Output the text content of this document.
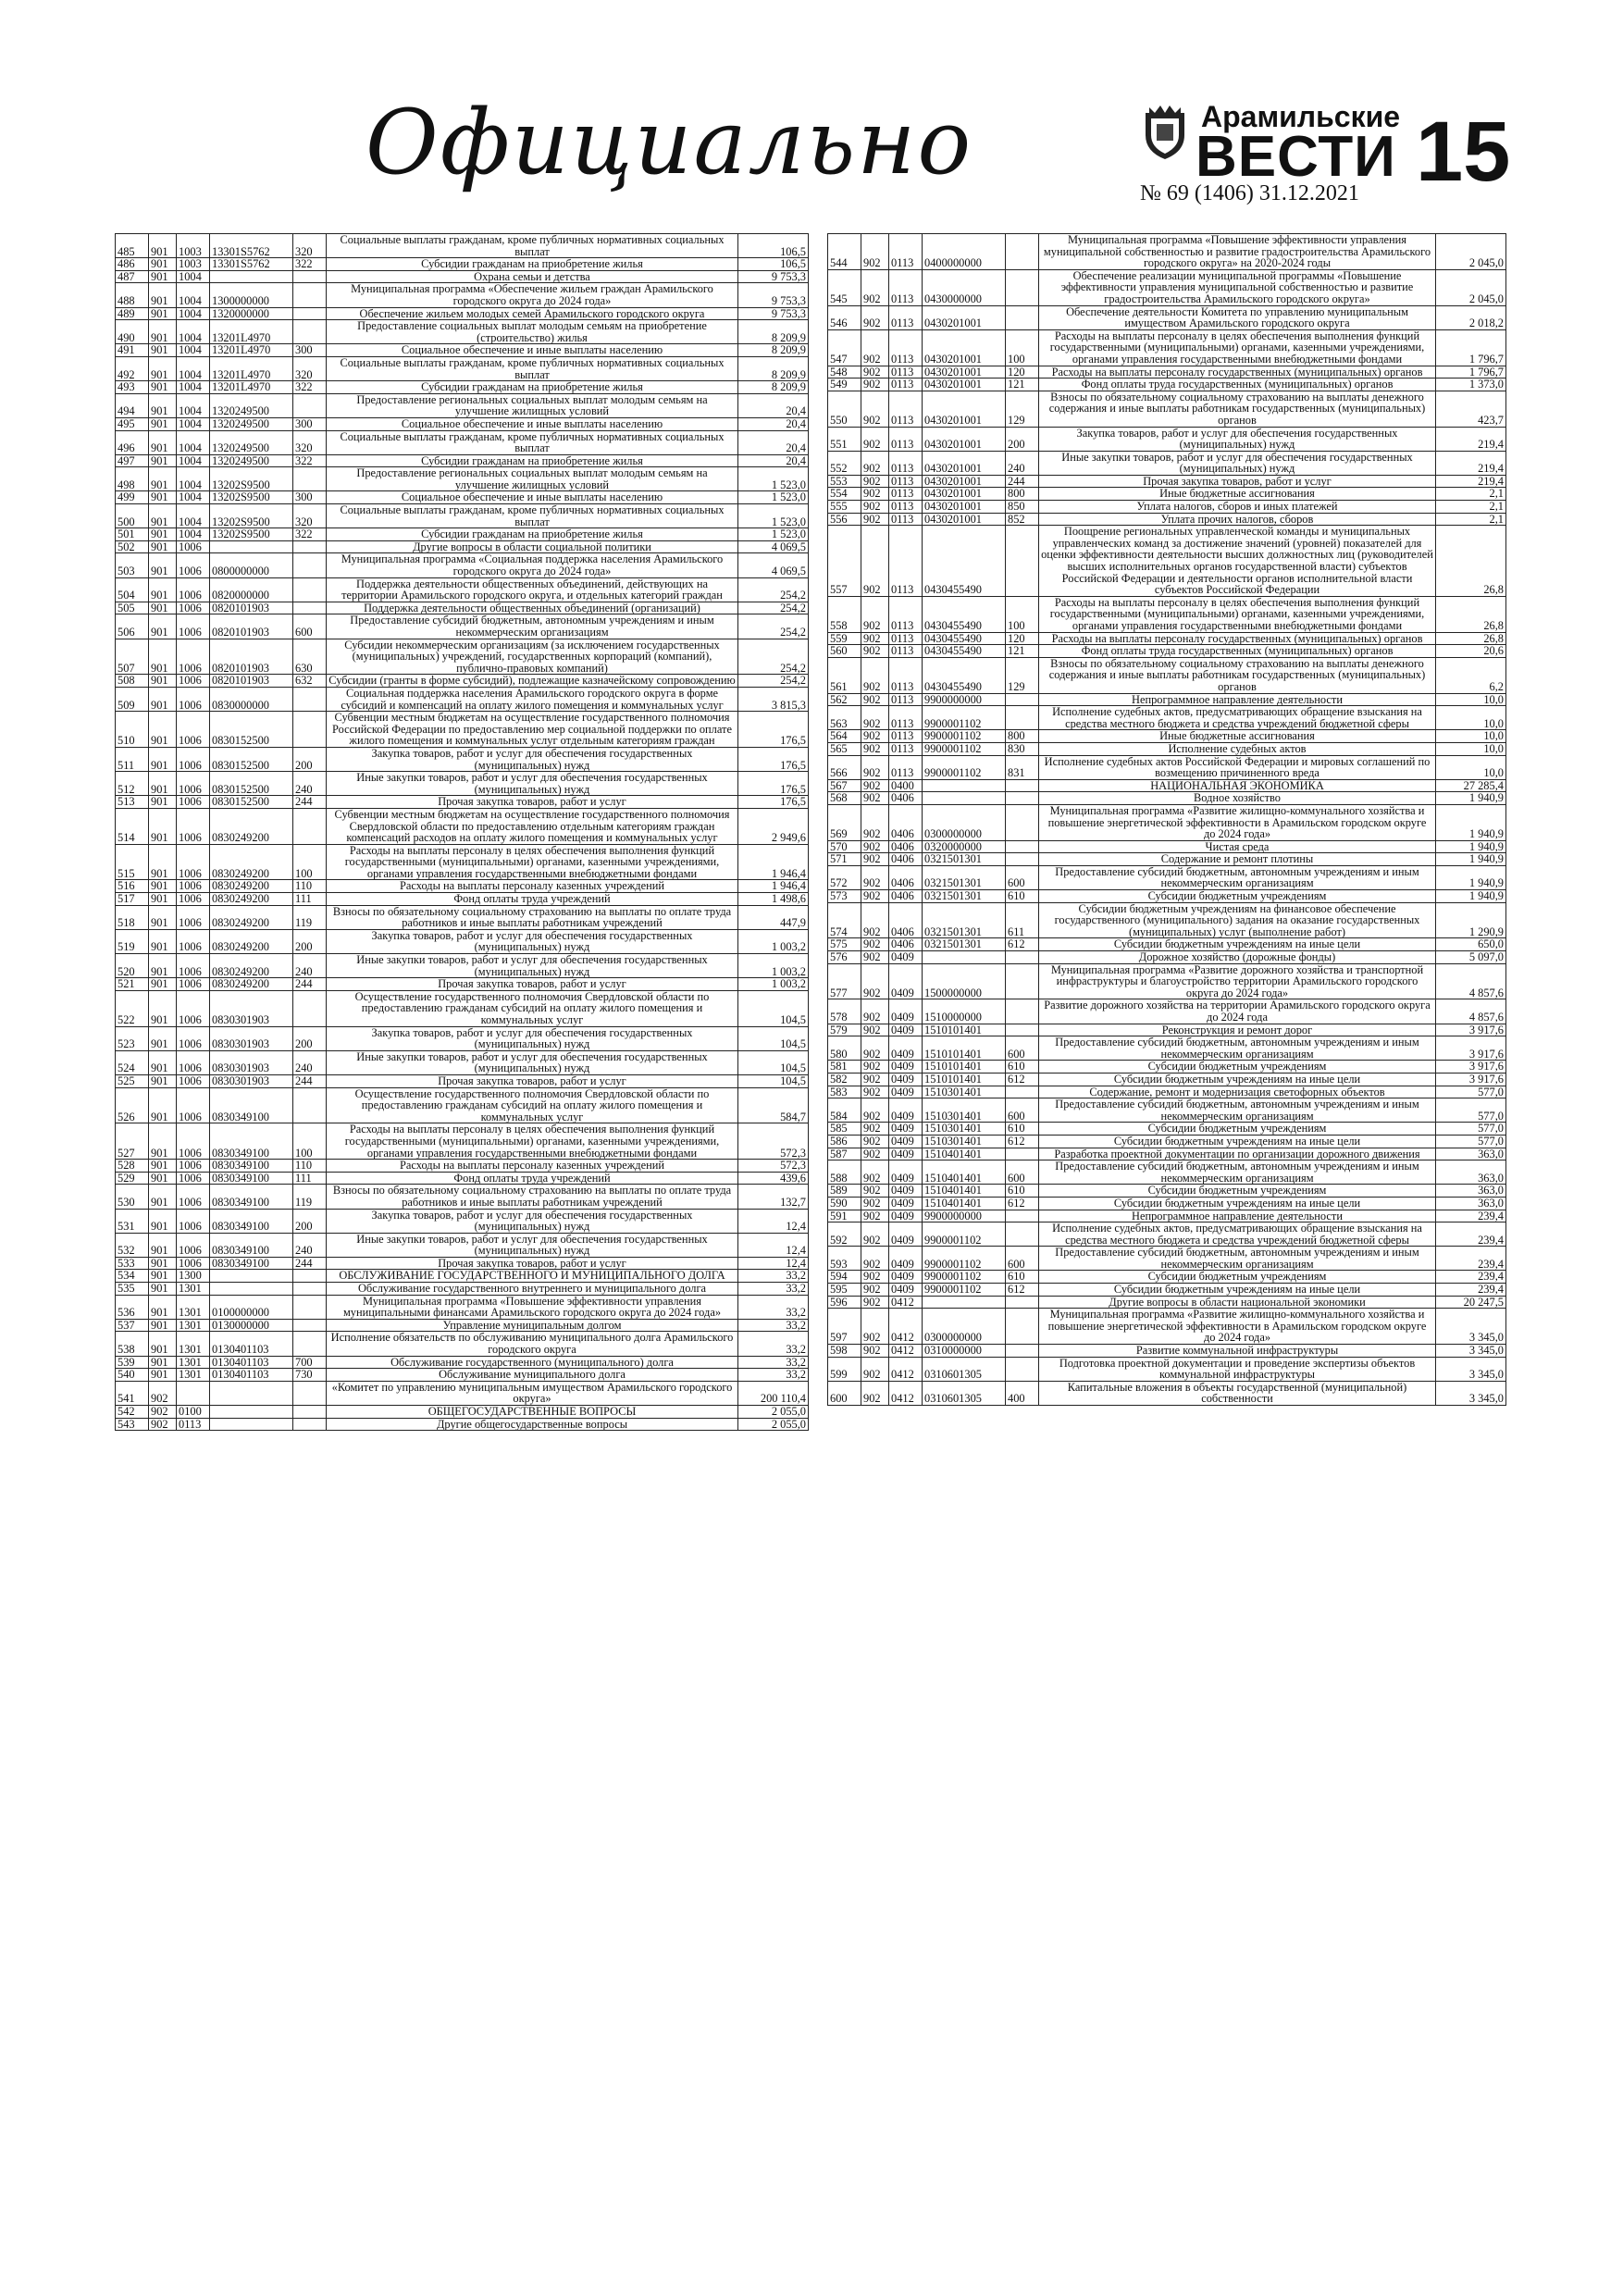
Официально	Арамильские
ВЕСТИ
№ 69 (1406) 31.12.2021 15
485	901	1003	13301S5762	320	Социальные выплаты гражданам, кроме публичных нормативных социальных выплат	106,5
486	901	1003	13301S5762	322	Субсидии гражданам на приобретение жилья	106,5
487	901	1004			Охрана семьи и детства	9 753,3
488	901	1004	1300000000		Муниципальная программа «Обеспечение жильем граждан Арамильского городского округа до 2024 года»	9 753,3
489	901	1004	1320000000		Обеспечение жильем молодых семей Арамильского городского округа	9 753,3
490	901	1004	13201L4970		Предоставление социальных выплат молодым семьям на приобретение (строительство) жилья	8 209,9
491	901	1004	13201L4970	300	Социальное обеспечение и иные выплаты населению	8 209,9
492	901	1004	13201L4970	320	Социальные выплаты гражданам, кроме публичных нормативных социальных выплат	8 209,9
493	901	1004	13201L4970	322	Субсидии гражданам на приобретение жилья	8 209,9
494	901	1004	1320249500		Предоставление региональных социальных выплат молодым семьям на улучшение жилищных условий	20,4
495	901	1004	1320249500	300	Социальное обеспечение и иные выплаты населению	20,4
496	901	1004	1320249500	320	Социальные выплаты гражданам, кроме публичных нормативных социальных выплат	20,4
497	901	1004	1320249500	322	Субсидии гражданам на приобретение жилья	20,4
498	901	1004	13202S9500		Предоставление региональных социальных выплат молодым семьям на улучшение жилищных условий	1 523,0
499	901	1004	13202S9500	300	Социальное обеспечение и иные выплаты населению	1 523,0
500	901	1004	13202S9500	320	Социальные выплаты гражданам, кроме публичных нормативных социальных выплат	1 523,0
501	901	1004	13202S9500	322	Субсидии гражданам на приобретение жилья	1 523,0
502	901	1006			Другие вопросы в области социальной политики	4 069,5
503	901	1006	0800000000		Муниципальная программа «Социальная поддержка населения Арамильского городского округа до 2024 года»	4 069,5
504	901	1006	0820000000		Поддержка деятельности общественных объединений, действующих на территории Арамильского городского округа, и отдельных категорий граждан	254,2
505	901	1006	0820101903		Поддержка деятельности общественных объединений (организаций)	254,2
506	901	1006	0820101903	600	Предоставление субсидий бюджетным, автономным учреждениям и иным некоммерческим организациям	254,2
507	901	1006	0820101903	630	Субсидии некоммерческим организациям (за исключением государственных (муниципальных) учреждений, государственных корпораций (компаний), публично-правовых компаний)	254,2
508	901	1006	0820101903	632	Субсидии (гранты в форме субсидий), подлежащие казначейскому сопровождению	254,2
509	901	1006	0830000000		Социальная поддержка населения Арамильского городского округа в форме субсидий и компенсаций на оплату жилого помещения и коммунальных услуг	3 815,3
510	901	1006	0830152500		Субвенции местным бюджетам на осуществление государственного полномочия Российской Федерации по предоставлению мер социальной поддержки по оплате жилого помещения и коммунальных услуг отдельным категориям граждан	176,5
511	901	1006	0830152500	200	Закупка товаров, работ и услуг для обеспечения государственных (муниципальных) нужд	176,5
512	901	1006	0830152500	240	Иные закупки товаров, работ и услуг для обеспечения государственных (муниципальных) нужд	176,5
513	901	1006	0830152500	244	Прочая закупка товаров, работ и услуг	176,5
514	901	1006	0830249200		Субвенции местным бюджетам на осуществление государственного полномочия Свердловской области по предоставлению отдельным категориям граждан компенсаций расходов на оплату жилого помещения и коммунальных услуг	2 949,6
515	901	1006	0830249200	100	Расходы на выплаты персоналу в целях обеспечения выполнения функций государственными (муниципальными) органами, казенными учреждениями, органами управления государственными внебюджетными фондами	1 946,4
516	901	1006	0830249200	110	Расходы на выплаты персоналу казенных учреждений	1 946,4
517	901	1006	0830249200	111	Фонд оплаты труда учреждений	1 498,6
518	901	1006	0830249200	119	Взносы по обязательному социальному страхованию на выплаты по оплате труда работников и иные выплаты работникам учреждений	447,9
519	901	1006	0830249200	200	Закупка товаров, работ и услуг для обеспечения государственных (муниципальных) нужд	1 003,2
520	901	1006	0830249200	240	Иные закупки товаров, работ и услуг для обеспечения государственных (муниципальных) нужд	1 003,2
521	901	1006	0830249200	244	Прочая закупка товаров, работ и услуг	1 003,2
522	901	1006	0830301903		Осуществление государственного полномочия Свердловской области по предоставлению гражданам субсидий на оплату жилого помещения и коммунальных услуг	104,5
523	901	1006	0830301903	200	Закупка товаров, работ и услуг для обеспечения государственных (муниципальных) нужд	104,5
524	901	1006	0830301903	240	Иные закупки товаров, работ и услуг для обеспечения государственных (муниципальных) нужд	104,5
525	901	1006	0830301903	244	Прочая закупка товаров, работ и услуг	104,5
526	901	1006	0830349100		Осуществление государственного полномочия Свердловской области по предоставлению гражданам субсидий на оплату жилого помещения и коммунальных услуг	584,7
527	901	1006	0830349100	100	Расходы на выплаты персоналу в целях обеспечения выполнения функций государственными (муниципальными) органами, казенными учреждениями, органами управления государственными внебюджетными фондами	572,3
528	901	1006	0830349100	110	Расходы на выплаты персоналу казенных учреждений	572,3
529	901	1006	0830349100	111	Фонд оплаты труда учреждений	439,6
530	901	1006	0830349100	119	Взносы по обязательному социальному страхованию на выплаты по оплате труда работников и иные выплаты работникам учреждений	132,7
531	901	1006	0830349100	200	Закупка товаров, работ и услуг для обеспечения государственных (муниципальных) нужд	12,4
532	901	1006	0830349100	240	Иные закупки товаров, работ и услуг для обеспечения государственных (муниципальных) нужд	12,4
533	901	1006	0830349100	244	Прочая закупка товаров, работ и услуг	12,4
534	901	1300			ОБСЛУЖИВАНИЕ ГОСУДАРСТВЕННОГО И МУНИЦИПАЛЬНОГО ДОЛГА	33,2
535	901	1301			Обслуживание государственного внутреннего и муниципального долга	33,2
536	901	1301	0100000000		Муниципальная программа «Повышение эффективности управления муниципальными финансами Арамильского городского округа до 2024 года»	33,2
537	901	1301	0130000000		Управление муниципальным долгом	33,2
538	901	1301	0130401103		Исполнение обязательств по обслуживанию муниципального долга Арамильского городского округа	33,2
539	901	1301	0130401103	700	Обслуживание государственного (муниципального) долга	33,2
540	901	1301	0130401103	730	Обслуживание муниципального долга	33,2
541	902				«Комитет по управлению муниципальным имуществом Арамильского городского округа»	200 110,4
542	902	0100			ОБЩЕГОСУДАРСТВЕННЫЕ ВОПРОСЫ	2 055,0
543	902	0113			Другие общегосударственные вопросы	2 055,0
544	902	0113	0400000000		Муниципальная программа «Повышение эффективности управления муниципальной собственностью и развитие градостроительства Арамильского городского округа» на 2020-2024 годы	2 045,0
545	902	0113	0430000000		Обеспечение реализации муниципальной программы «Повышение эффективности управления муниципальной собственностью и развитие градостроительства Арамильского городского округа»	2 045,0
546	902	0113	0430201001		Обеспечение деятельности Комитета по управлению муниципальным имуществом Арамильского городского округа	2 018,2
547	902	0113	0430201001	100	Расходы на выплаты персоналу в целях обеспечения выполнения функций государственными (муниципальными) органами, казенными учреждениями, органами управления государственными внебюджетными фондами	1 796,7
548	902	0113	0430201001	120	Расходы на выплаты персоналу государственных (муниципальных) органов	1 796,7
549	902	0113	0430201001	121	Фонд оплаты труда государственных (муниципальных) органов	1 373,0
550	902	0113	0430201001	129	Взносы по обязательному социальному страхованию на выплаты денежного содержания и иные выплаты работникам государственных (муниципальных) органов	423,7
551	902	0113	0430201001	200	Закупка товаров, работ и услуг для обеспечения государственных (муниципальных) нужд	219,4
552	902	0113	0430201001	240	Иные закупки товаров, работ и услуг для обеспечения государственных (муниципальных) нужд	219,4
553	902	0113	0430201001	244	Прочая закупка товаров, работ и услуг	219,4
554	902	0113	0430201001	800	Иные бюджетные ассигнования	2,1
555	902	0113	0430201001	850	Уплата налогов, сборов и иных платежей	2,1
556	902	0113	0430201001	852	Уплата прочих налогов, сборов	2,1
557	902	0113	0430455490		Поощрение региональных управленческой команды и муниципальных управленческих команд за достижение значений (уровней) показателей для оценки эффективности деятельности высших должностных лиц (руководителей высших исполнительных органов государственной власти) субъектов Российской Федерации и деятельности органов исполнительной власти субъектов Российской Федерации	26,8
558	902	0113	0430455490	100	Расходы на выплаты персоналу в целях обеспечения выполнения функций государственными (муниципальными) органами, казенными учреждениями, органами управления государственными внебюджетными фондами	26,8
559	902	0113	0430455490	120	Расходы на выплаты персоналу государственных (муниципальных) органов	26,8
560	902	0113	0430455490	121	Фонд оплаты труда государственных (муниципальных) органов	20,6
561	902	0113	0430455490	129	Взносы по обязательному социальному страхованию на выплаты денежного содержания и иные выплаты работникам государственных (муниципальных) органов	6,2
562	902	0113	9900000000		Непрограммное направление деятельности	10,0
563	902	0113	9900001102		Исполнение судебных актов, предусматривающих обращение взыскания на средства местного бюджета и средства учреждений бюджетной сферы	10,0
564	902	0113	9900001102	800	Иные бюджетные ассигнования	10,0
565	902	0113	9900001102	830	Исполнение судебных актов	10,0
566	902	0113	9900001102	831	Исполнение судебных актов Российской Федерации и мировых соглашений по возмещению причиненного вреда	10,0
567	902	0400			НАЦИОНАЛЬНАЯ ЭКОНОМИКА	27 285,4
568	902	0406			Водное хозяйство	1 940,9
569	902	0406	0300000000		Муниципальная программа «Развитие жилищно-коммунального хозяйства и повышение энергетической эффективности в Арамильском городском округе до 2024 года»	1 940,9
570	902	0406	0320000000		Чистая среда	1 940,9
571	902	0406	0321501301		Содержание и ремонт плотины	1 940,9
572	902	0406	0321501301	600	Предоставление субсидий бюджетным, автономным учреждениям и иным некоммерческим организациям	1 940,9
573	902	0406	0321501301	610	Субсидии бюджетным учреждениям	1 940,9
574	902	0406	0321501301	611	Субсидии бюджетным учреждениям на финансовое обеспечение государственного (муниципального) задания на оказание государственных (муниципальных) услуг (выполнение работ)	1 290,9
575	902	0406	0321501301	612	Субсидии бюджетным учреждениям на иные цели	650,0
576	902	0409			Дорожное хозяйство (дорожные фонды)	5 097,0
577	902	0409	1500000000		Муниципальная программа «Развитие дорожного хозяйства и транспортной инфраструктуры и благоустройство территории Арамильского городского округа до 2024 года»	4 857,6
578	902	0409	1510000000		Развитие дорожного хозяйства на территории Арамильского городского округа до 2024 года	4 857,6
579	902	0409	1510101401		Реконструкция и ремонт дорог	3 917,6
580	902	0409	1510101401	600	Предоставление субсидий бюджетным, автономным учреждениям и иным некоммерческим организациям	3 917,6
581	902	0409	1510101401	610	Субсидии бюджетным учреждениям	3 917,6
582	902	0409	1510101401	612	Субсидии бюджетным учреждениям на иные цели	3 917,6
583	902	0409	1510301401		Содержание, ремонт и модернизация светофорных объектов	577,0
584	902	0409	1510301401	600	Предоставление субсидий бюджетным, автономным учреждениям и иным некоммерческим организациям	577,0
585	902	0409	1510301401	610	Субсидии бюджетным учреждениям	577,0
586	902	0409	1510301401	612	Субсидии бюджетным учреждениям на иные цели	577,0
587	902	0409	1510401401		Разработка проектной документации по организации дорожного движения	363,0
588	902	0409	1510401401	600	Предоставление субсидий бюджетным, автономным учреждениям и иным некоммерческим организациям	363,0
589	902	0409	1510401401	610	Субсидии бюджетным учреждениям	363,0
590	902	0409	1510401401	612	Субсидии бюджетным учреждениям на иные цели	363,0
591	902	0409	9900000000		Непрограммное направление деятельности	239,4
592	902	0409	9900001102		Исполнение судебных актов, предусматривающих обращение взыскания на средства местного бюджета и средства учреждений бюджетной сферы	239,4
593	902	0409	9900001102	600	Предоставление субсидий бюджетным, автономным учреждениям и иным некоммерческим организациям	239,4
594	902	0409	9900001102	610	Субсидии бюджетным учреждениям	239,4
595	902	0409	9900001102	612	Субсидии бюджетным учреждениям на иные цели	239,4
596	902	0412			Другие вопросы в области национальной экономики	20 247,5
597	902	0412	0300000000		Муниципальная программа «Развитие жилищно-коммунального хозяйства и повышение энергетической эффективности в Арамильском городском округе до 2024 года»	3 345,0
598	902	0412	0310000000		Развитие коммунальной инфраструктуры	3 345,0
599	902	0412	0310601305		Подготовка проектной документации и проведение экспертизы объектов коммунальной инфраструктуры	3 345,0
600	902	0412	0310601305	400	Капитальные вложения в объекты государственной (муниципальной) собственности	3 345,0
